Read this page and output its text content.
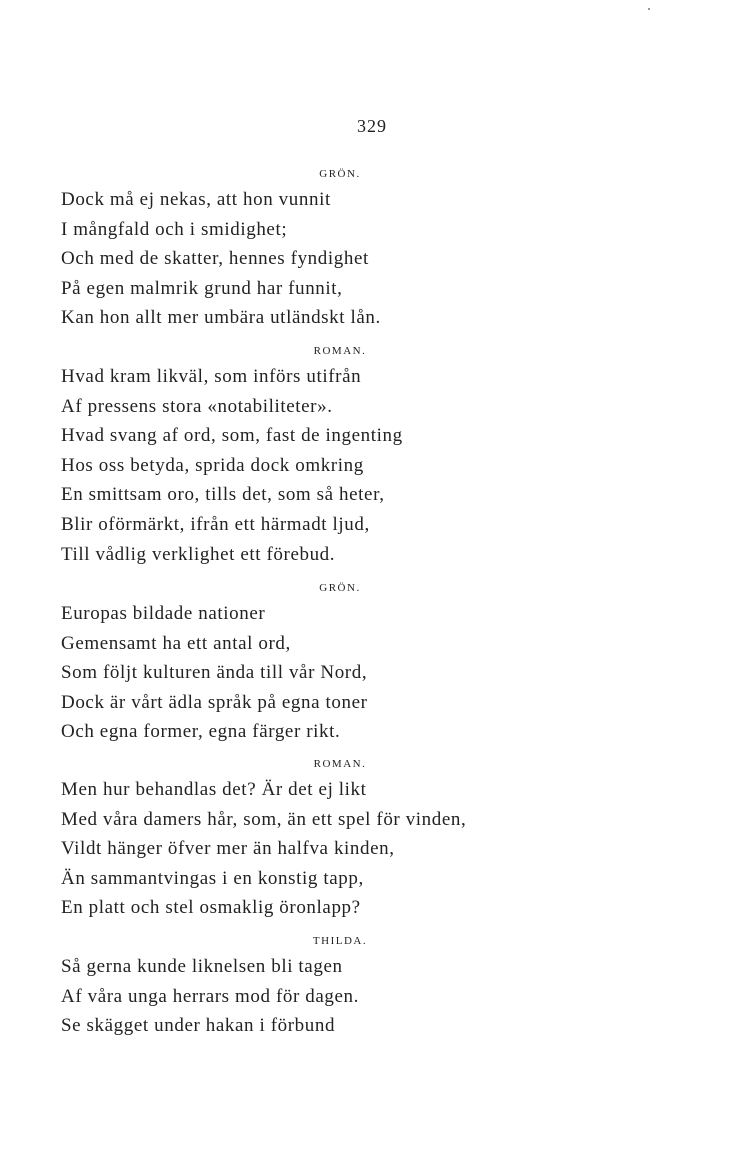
329
GRÖN.
Dock må ej nekas, att hon vunnit
I mångfald och i smidighet;
Och med de skatter, hennes fyndighet
På egen malmrik grund har funnit,
Kan hon allt mer umbära utländskt lån.
ROMAN.
Hvad kram likväl, som införs utifrån
Af pressens stora «notabiliteter».
Hvad svang af ord, som, fast de ingenting
Hos oss betyda, sprida dock omkring
En smittsam oro, tills det, som så heter,
Blir oförmärkt, ifrån ett härmadt ljud,
Till vådlig verklighet ett förebud.
GRÖN.
Europas bildade nationer
Gemensamt ha ett antal ord,
Som följt kulturen ända till vår Nord,
Dock är vårt ädla språk på egna toner
Och egna former, egna färger rikt.
ROMAN.
Men hur behandlas det? Är det ej likt
Med våra damers hår, som, än ett spel för vinden,
Vildt hänger öfver mer än halfva kinden,
Än sammantvingas i en konstig tapp,
En platt och stel osmaklig öronlapp?
THILDA.
Så gerna kunde liknelsen bli tagen
Af våra unga herrars mod för dagen.
Se skägget under hakan i förbund
